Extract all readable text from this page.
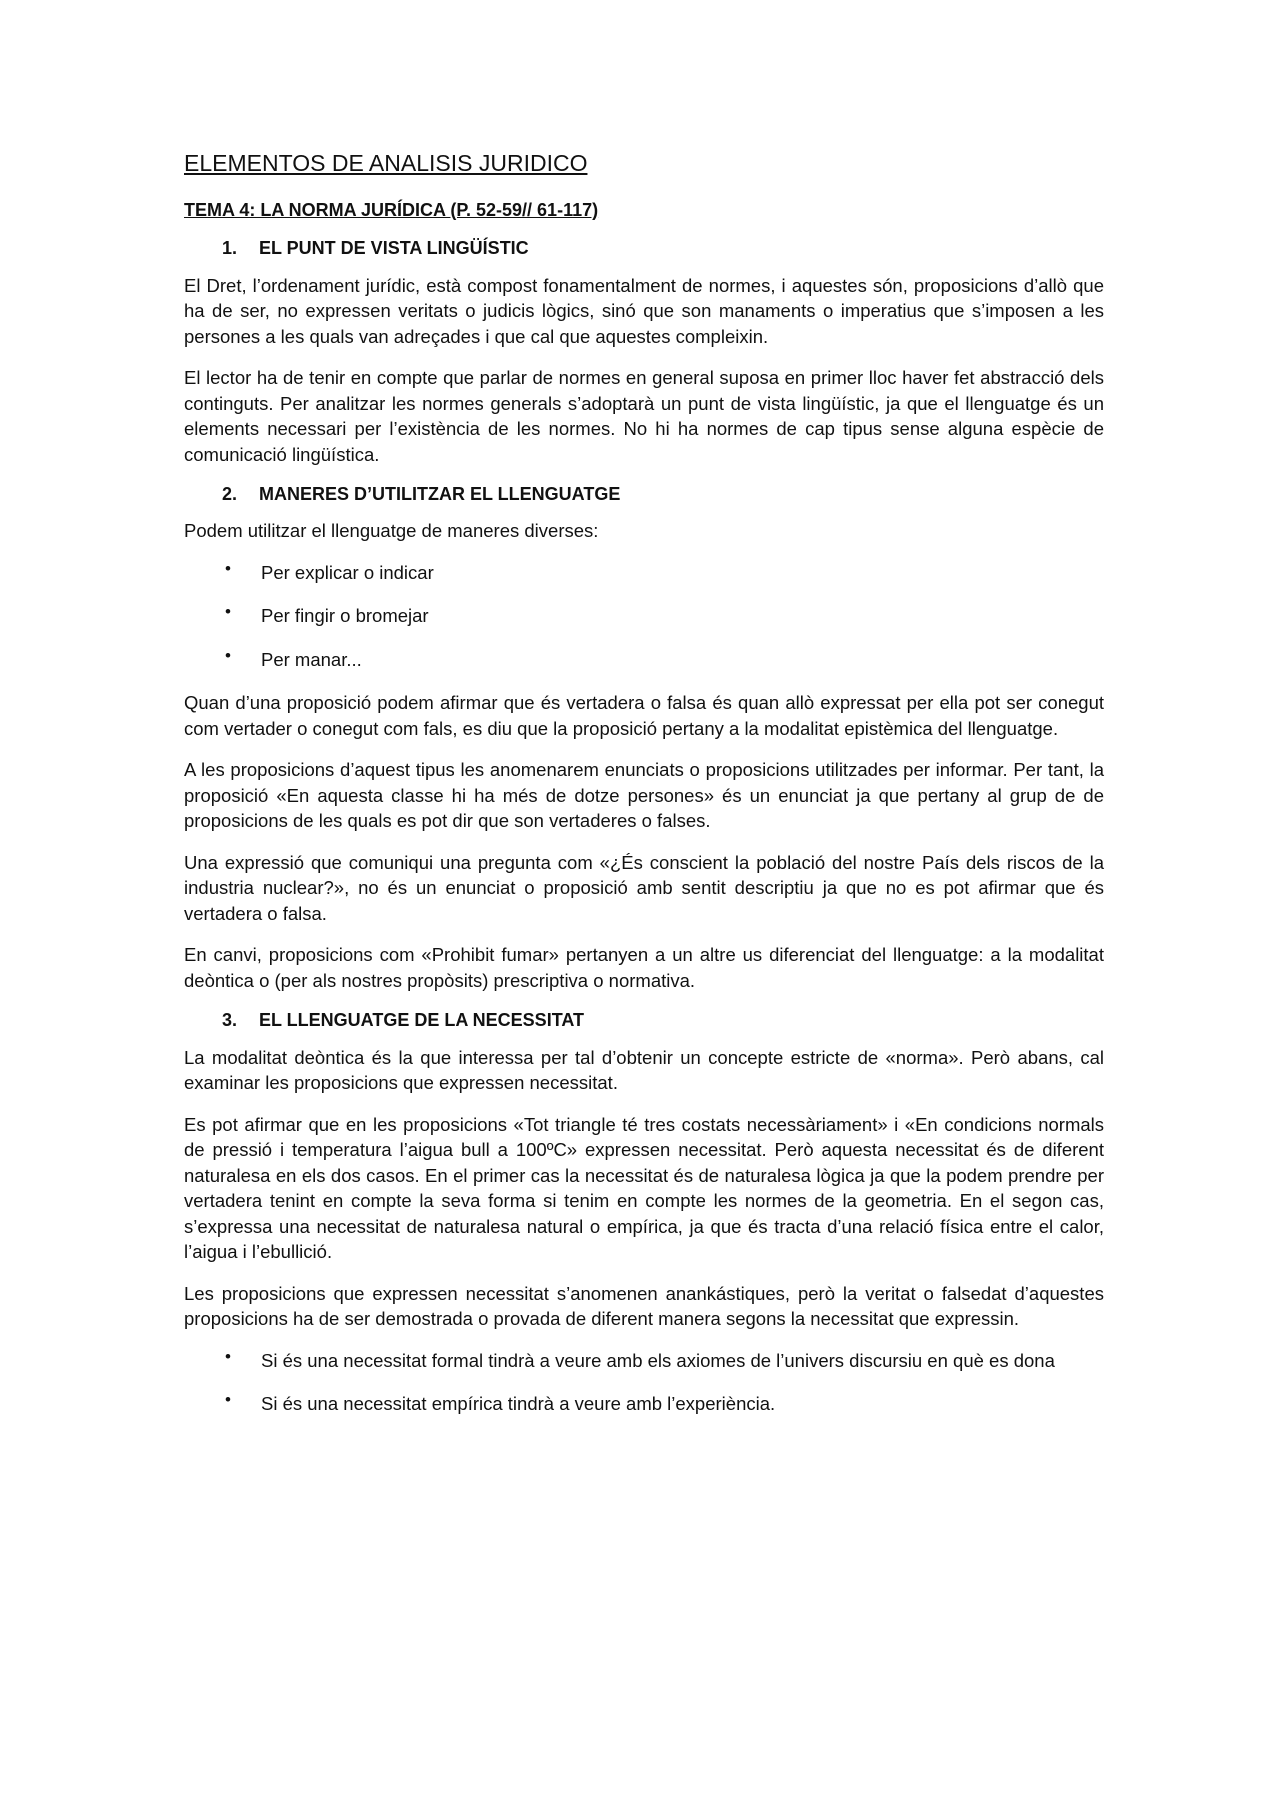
ELEMENTOS DE ANALISIS JURIDICO
TEMA 4: LA NORMA JURÍDICA (P. 52-59// 61-117)
1.	EL PUNT DE VISTA LINGÜÍSTIC

El Dret, l’ordenament jurídic, està compost fonamentalment de normes, i aquestes són, proposicions d’allò que ha de ser, no expressen veritats o judicis lògics, sinó que son manaments o imperatius que s’imposen a les persones a les quals van adreçades i que cal que aquestes compleixin.

El lector ha de tenir en compte que parlar de normes en general suposa en primer lloc haver fet abstracció dels continguts. Per analitzar les normes generals s’adoptarà un punt de vista lingüístic, ja que el llenguatge és un elements necessari per l’existència de les normes. No hi ha normes de cap tipus sense alguna espècie de comunicació lingüística.

2.	MANERES D’UTILITZAR EL LLENGUATGE

Podem utilitzar el llenguatge de maneres diverses:

• Per explicar o indicar
• Per fingir o bromejar
• Per manar...

Quan d’una proposició podem afirmar que és vertadera o falsa és quan allò expressat per ella pot ser conegut com vertader o conegut com fals, es diu que la proposició pertany a la modalitat epistèmica del llenguatge.

A les proposicions d’aquest tipus les anomenarem enunciats o proposicions utilitzades per informar. Per tant, la proposició «En aquesta classe hi ha més de dotze persones» és un enunciat ja que pertany al grup de de proposicions de les quals es pot dir que son vertaderes o falses.

Una expressió que comuniqui una pregunta com «¿És conscient la població del nostre País dels riscos de la industria nuclear?», no és un enunciat o proposició amb sentit descriptiu ja que no es pot afirmar que és vertadera o falsa.

En canvi, proposicions com «Prohibit fumar» pertanyen a un altre us diferenciat del llenguatge: a la modalitat deòntica o (per als nostres propòsits) prescriptiva o normativa.

3.	EL LLENGUATGE DE LA NECESSITAT

La modalitat deòntica és la que interessa per tal d’obtenir un concepte estricte de «norma». Però abans, cal examinar les proposicions que expressen necessitat.

Es pot afirmar que en les proposicions «Tot triangle té tres costats necessàriament» i «En condicions normals de pressió i temperatura l’aigua bull a 100ºC» expressen necessitat. Però aquesta necessitat és de diferent naturalesa en els dos casos. En el primer cas la necessitat és de naturalesa lògica ja que la podem prendre per vertadera tenint en compte la seva forma si tenim en compte les normes de la geometria. En el segon cas, s’expressa una necessitat de naturalesa natural o empírica, ja que és tracta d’una relació física entre el calor, l’aigua i l’ebullició.

Les proposicions que expressen necessitat s’anomenen anankástiques, però la veritat o falsedat d’aquestes proposicions ha de ser demostrada o provada de diferent manera segons la necessitat que expressin.

• Si és una necessitat formal tindrà a veure amb els axiomes de l’univers discursiu en què es dona
• Si és una necessitat empírica tindrà a veure amb l’experiència.
